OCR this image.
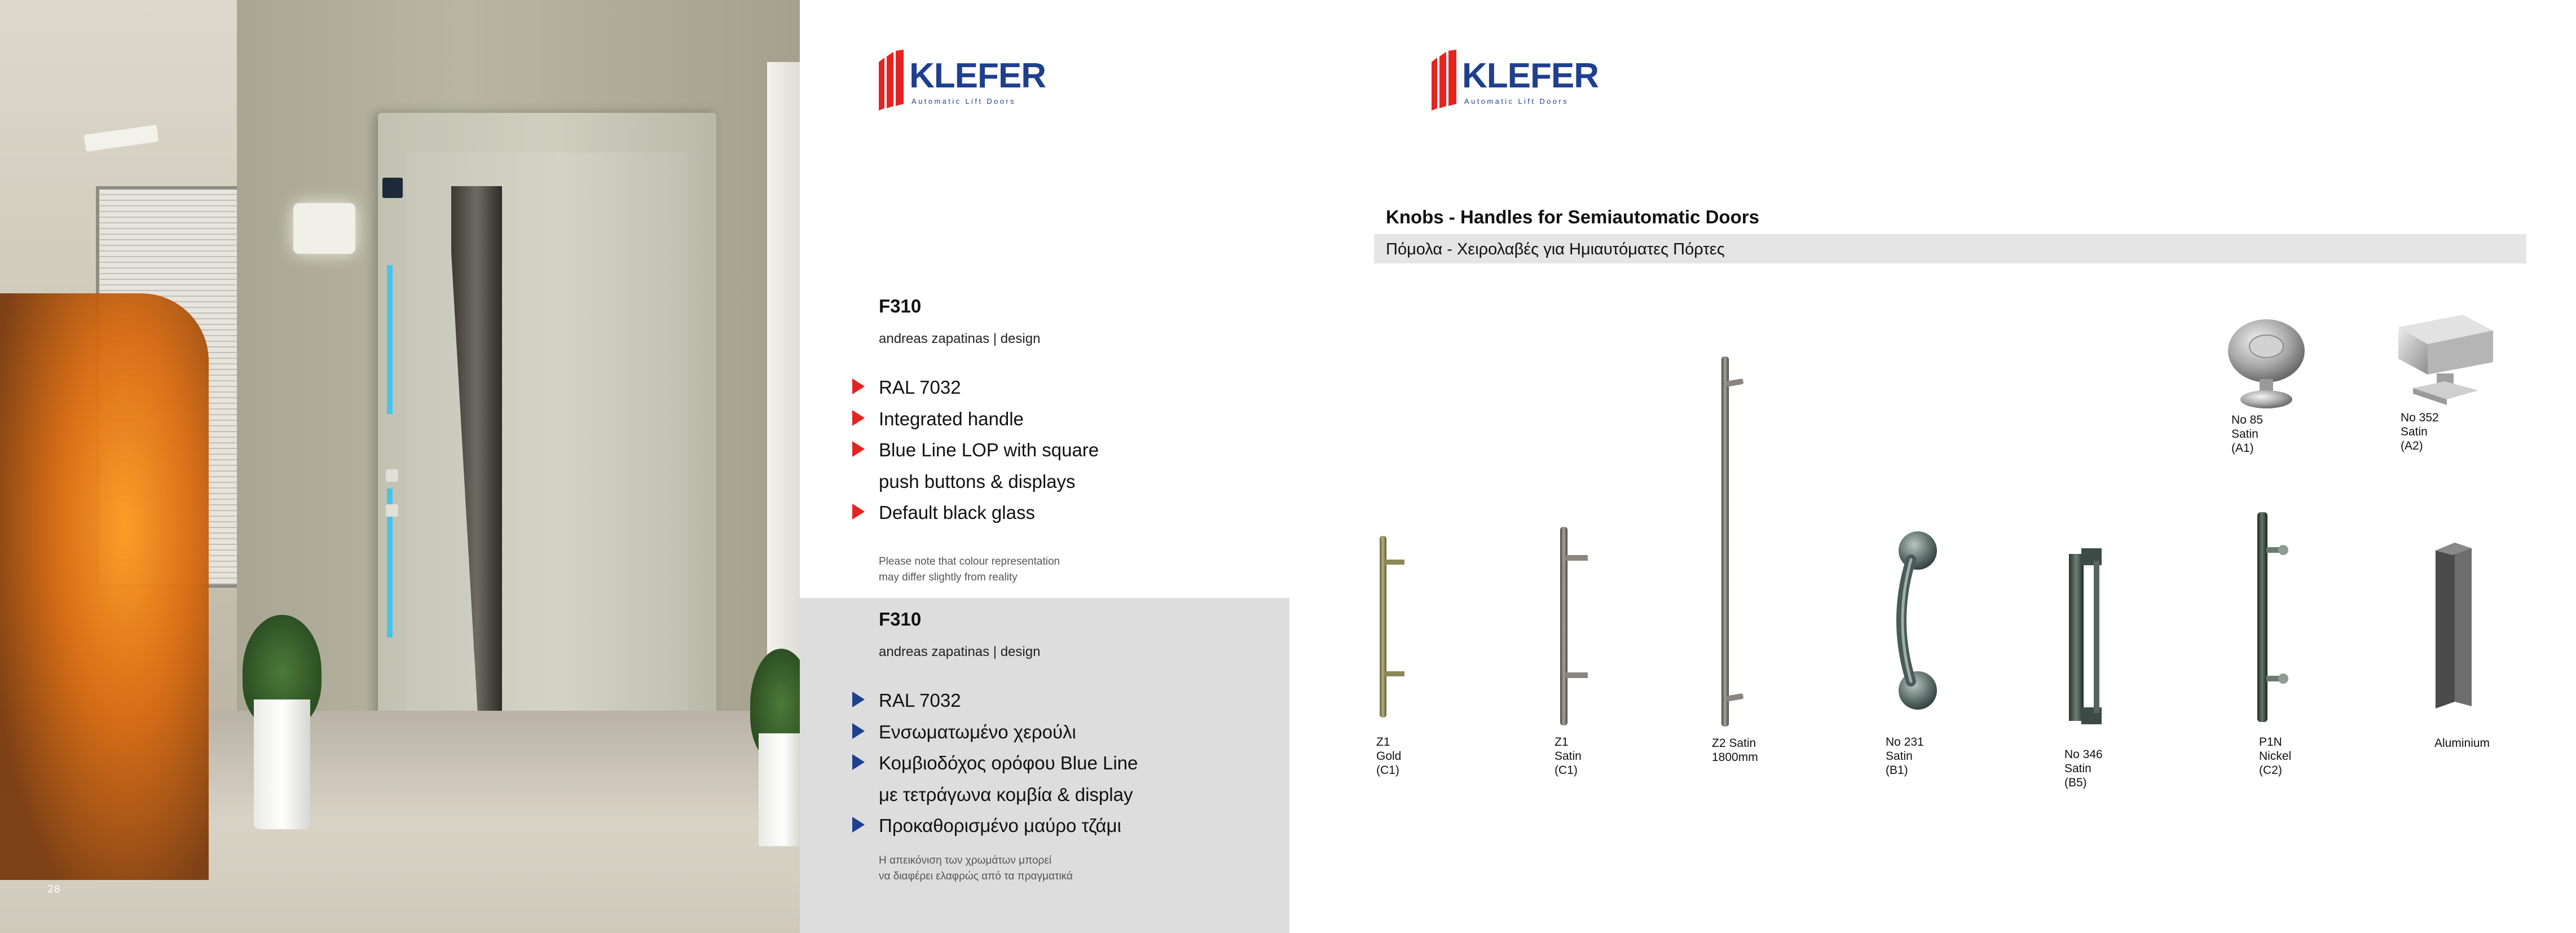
28
KLEFER
Automatic Lift Doors
KLEFER
Automatic Lift Doors
F310
andreas zapatinas | design
RAL 7032
Integrated handle
Blue Line LOP with square
push buttons & displays
Default black glass
Please note that colour representation
may differ slightly from reality
F310
andreas zapatinas | design
RAL 7032
Ενσωματωμένο χερούλι
Κομβιοδόχος ορόφου Blue Line
με τετράγωνα κομβία & display
Προκαθορισμένο μαύρο τζάμι
Η απεικόνιση των χρωμάτων μπορεί
να διαφέρει ελαφρώς από τα πραγματικά
Knobs - Handles for Semiautomatic Doors
Πόμολα - Χειρολαβές για Ημιαυτόματες Πόρτες
No 85
Satin
(A1)
No 352
Satin
(A2)
Z1
Gold
(C1)
Z1
Satin
(C1)
Z2 Satin
1800mm
No 231
Satin
(B1)
No 346
Satin
(B5)
P1N
Nickel
(C2)
Aluminium
